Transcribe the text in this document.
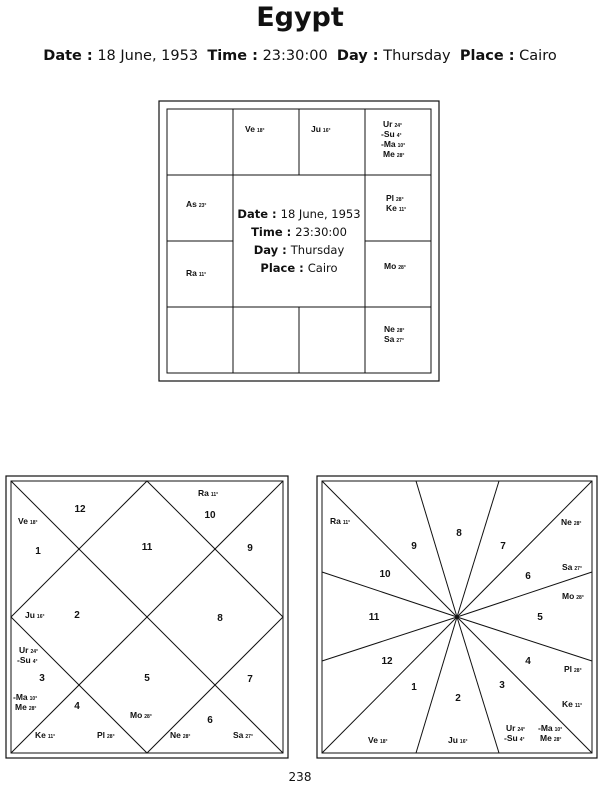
Egypt
Date : 18 June, 1953 Time : 23:30:00 Day : Thursday Place : Cairo
Ve 18°	Ju 16°
Ur 24°
-Su 4°
-Ma 10°
Me 28°
As 23°
Pl 28°
Ke 11°
Ra 11°
Mo 28°
Ne 28°
Sa 27°
Date : 18 June, 1953
Time : 23:30:00
Day : Thursday
Place : Cairo
12
10
1	11	9
2	8
3	5	7
4
6
Ra 11°
Ve 18°
Ju 16°
Ur 24°
-Su 4°
-Ma 10°
Me 28°
Mo 28°
Ke 11°	Pl 28°	Ne 28°	Sa 27°
8
9	7
10	6
11	5
12	4
1	3
2
Ra 11°	Ne 28°
Sa 27°
Mo 28°
Pl 28°
Ke 11°
Ve 18°	Ju 16°
Ur 24°
-Su 4°
-Ma 10°
Me 28°
238
